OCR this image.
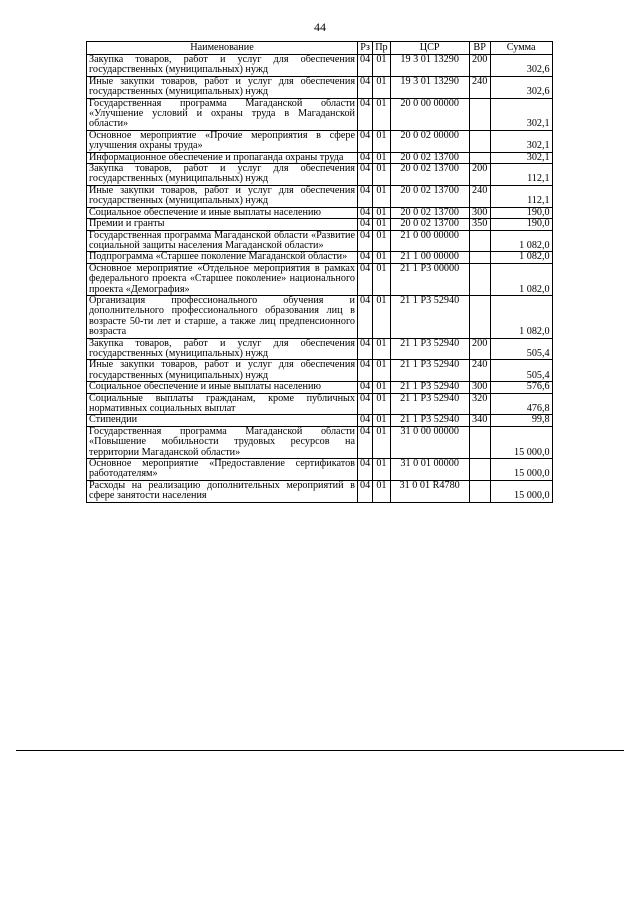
44
Наименование	Рз	Пр	ЦСР	ВР	Сумма
Закупка товаров, работ и услуг для обеспечения государственных (муниципальных) нужд	04	01	19 3 01 13290	200	302,6
Иные закупки товаров, работ и услуг для обеспечения государственных (муниципальных) нужд	04	01	19 3 01 13290	240	302,6
Государственная программа Магаданской области «Улучшение условий и охраны труда в Магаданской области»	04	01	20 0 00 00000		302,1
Основное мероприятие «Прочие мероприятия в сфере улучшения охраны труда»	04	01	20 0 02 00000		302,1
Информационное обеспечение и пропаганда охраны труда	04	01	20 0 02 13700		302,1
Закупка товаров, работ и услуг для обеспечения государственных (муниципальных) нужд	04	01	20 0 02 13700	200	112,1
Иные закупки товаров, работ и услуг для обеспечения государственных (муниципальных) нужд	04	01	20 0 02 13700	240	112,1
Социальное обеспечение и иные выплаты населению	04	01	20 0 02 13700	300	190,0
Премии и гранты	04	01	20 0 02 13700	350	190,0
Государственная программа Магаданской области «Развитие социальной защиты населения Магаданской области»	04	01	21 0 00 00000		1 082,0
Подпрограмма «Старшее поколение Магаданской области»	04	01	21 1 00 00000		1 082,0
Основное мероприятие «Отдельное мероприятия в рамках федерального проекта «Старшее поколение» национального проекта «Демография»	04	01	21 1 P3 00000		1 082,0
Организация профессионального обучения и дополнительного профессионального образования лиц в возрасте 50-ти лет и старше, а также лиц предпенсионного возраста	04	01	21 1 P3 52940		1 082,0
Закупка товаров, работ и услуг для обеспечения государственных (муниципальных) нужд	04	01	21 1 P3 52940	200	505,4
Иные закупки товаров, работ и услуг для обеспечения государственных (муниципальных) нужд	04	01	21 1 P3 52940	240	505,4
Социальное обеспечение и иные выплаты населению	04	01	21 1 P3 52940	300	576,6
Социальные выплаты гражданам, кроме публичных нормативных социальных выплат	04	01	21 1 P3 52940	320	476,8
Стипендии	04	01	21 1 P3 52940	340	99,8
Государственная программа Магаданской области «Повышение мобильности трудовых ресурсов на территории Магаданской области»	04	01	31 0 00 00000		15 000,0
Основное мероприятие «Предоставление сертификатов работодателям»	04	01	31 0 01 00000		15 000,0
Расходы на реализацию дополнительных мероприятий в сфере занятости населения	04	01	31 0 01 R4780		15 000,0
